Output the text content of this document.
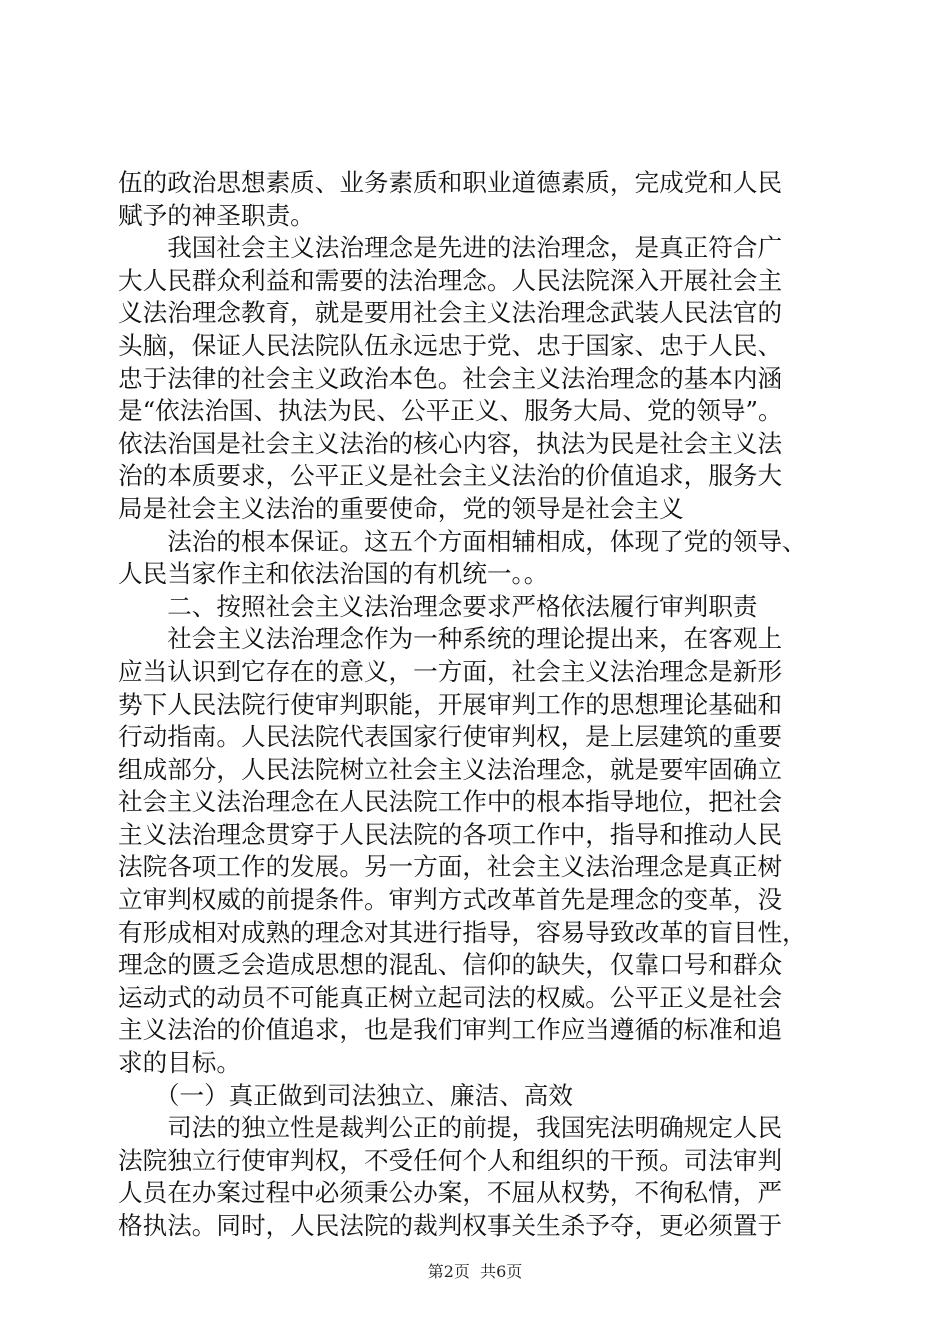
伍的政治思想素质、业务素质和职业道德素质，完成党和人民
赋予的神圣职责。
　　我国社会主义法治理念是先进的法治理念，是真正符合广
大人民群众利益和需要的法治理念。人民法院深入开展社会主
义法治理念教育，就是要用社会主义法治理念武装人民法官的
头脑，保证人民法院队伍永远忠于党、忠于国家、忠于人民、
忠于法律的社会主义政治本色。社会主义法治理念的基本内涵
是“依法治国、执法为民、公平正义、服务大局、党的领导”。
依法治国是社会主义法治的核心内容，执法为民是社会主义法
治的本质要求，公平正义是社会主义法治的价值追求，服务大
局是社会主义法治的重要使命，党的领导是社会主义
　　法治的根本保证。这五个方面相辅相成，体现了党的领导、
人民当家作主和依法治国的有机统一。。
　　二、按照社会主义法治理念要求严格依法履行审判职责
　　社会主义法治理念作为一种系统的理论提出来，在客观上
应当认识到它存在的意义，一方面，社会主义法治理念是新形
势下人民法院行使审判职能，开展审判工作的思想理论基础和
行动指南。人民法院代表国家行使审判权，是上层建筑的重要
组成部分，人民法院树立社会主义法治理念，就是要牢固确立
社会主义法治理念在人民法院工作中的根本指导地位，把社会
主义法治理念贯穿于人民法院的各项工作中，指导和推动人民
法院各项工作的发展。另一方面，社会主义法治理念是真正树
立审判权威的前提条件。审判方式改革首先是理念的变革，没
有形成相对成熟的理念对其进行指导，容易导致改革的盲目性，
理念的匮乏会造成思想的混乱、信仰的缺失，仅靠口号和群众
运动式的动员不可能真正树立起司法的权威。公平正义是社会
主义法治的价值追求，也是我们审判工作应当遵循的标准和追
求的目标。
　　（一）真正做到司法独立、廉洁、高效
　　司法的独立性是裁判公正的前提，我国宪法明确规定人民
法院独立行使审判权，不受任何个人和组织的干预。司法审判
人员在办案过程中必须秉公办案，不屈从权势，不徇私情，严
格执法。同时，人民法院的裁判权事关生杀予夺，更必须置于
第2页  共6页
